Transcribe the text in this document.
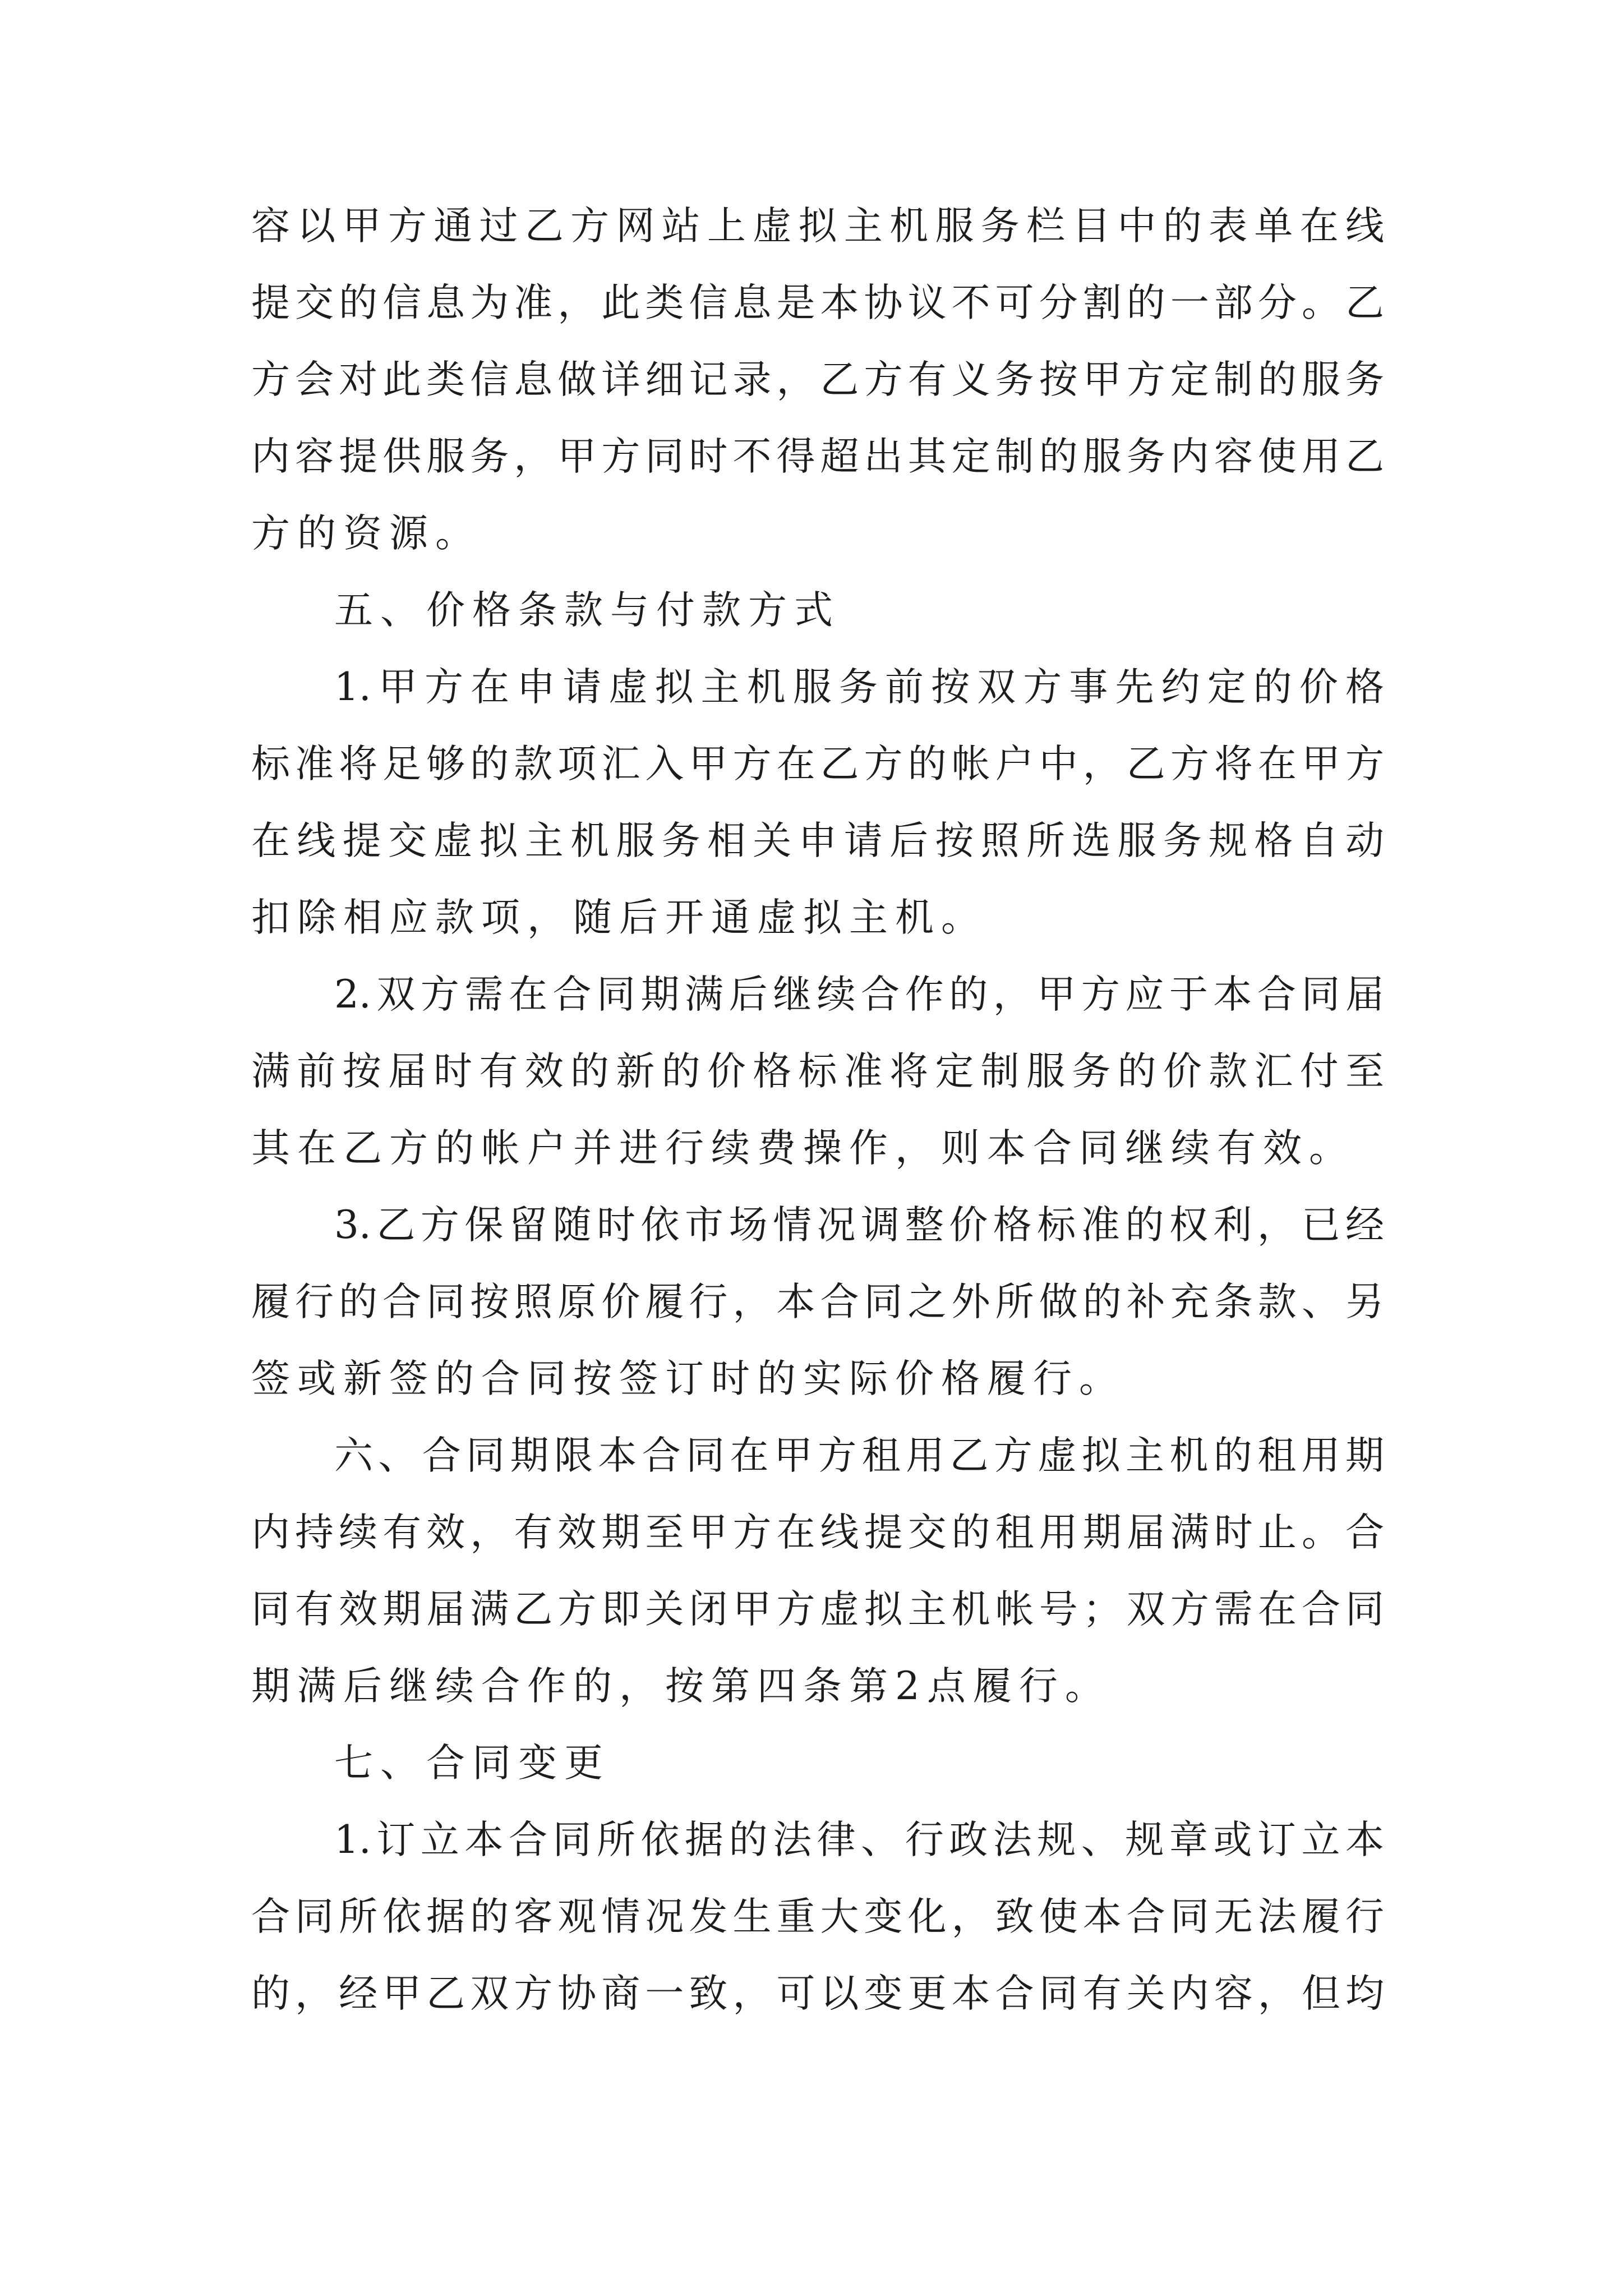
容以甲方通过乙方网站上虚拟主机服务栏目中的表单在线
提交的信息为准，此类信息是本协议不可分割的一部分。乙
方会对此类信息做详细记录，乙方有义务按甲方定制的服务
内容提供服务，甲方同时不得超出其定制的服务内容使用乙
方的资源。
五、价格条款与付款方式
1.甲方在申请虚拟主机服务前按双方事先约定的价格
标准将足够的款项汇入甲方在乙方的帐户中，乙方将在甲方
在线提交虚拟主机服务相关申请后按照所选服务规格自动
扣除相应款项，随后开通虚拟主机。
2.双方需在合同期满后继续合作的，甲方应于本合同届
满前按届时有效的新的价格标准将定制服务的价款汇付至
其在乙方的帐户并进行续费操作，则本合同继续有效。
3.乙方保留随时依市场情况调整价格标准的权利，已经
履行的合同按照原价履行，本合同之外所做的补充条款、另
签或新签的合同按签订时的实际价格履行。
六、合同期限本合同在甲方租用乙方虚拟主机的租用期
内持续有效，有效期至甲方在线提交的租用期届满时止。合
同有效期届满乙方即关闭甲方虚拟主机帐号；双方需在合同
期满后继续合作的，按第四条第2点履行。
七、合同变更
1.订立本合同所依据的法律、行政法规、规章或订立本
合同所依据的客观情况发生重大变化，致使本合同无法履行
的，经甲乙双方协商一致，可以变更本合同有关内容，但均
